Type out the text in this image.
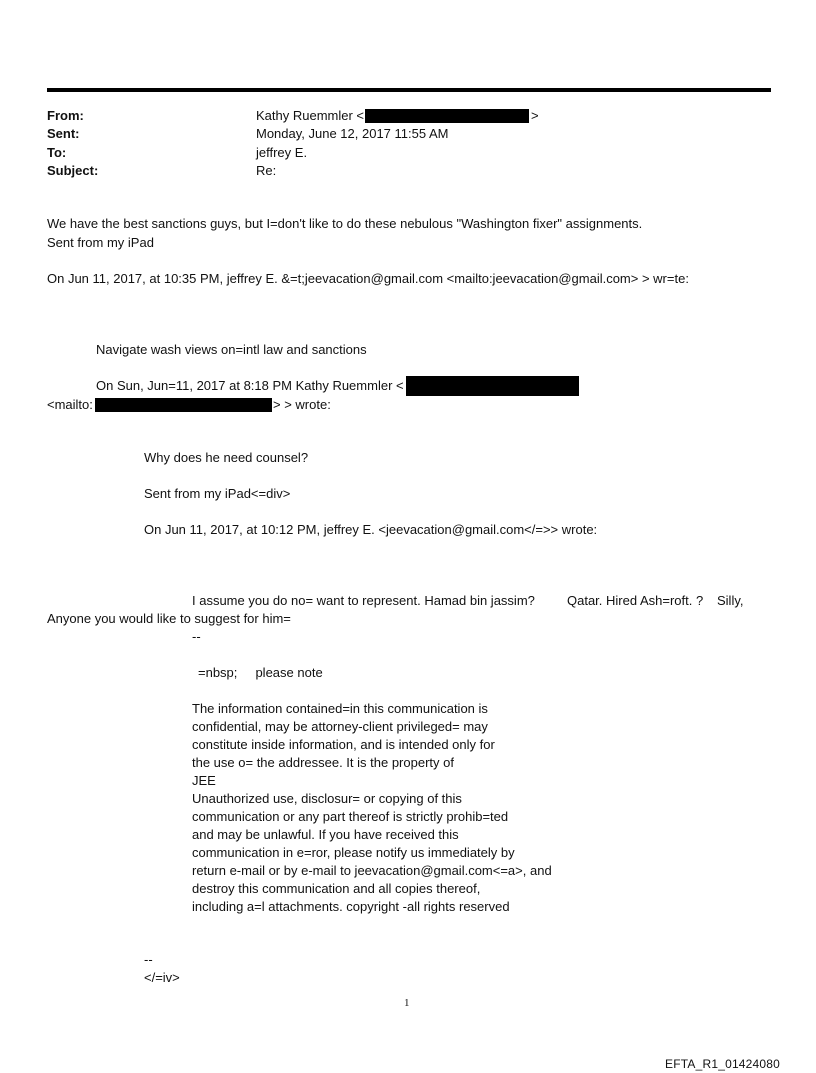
From:
Sent:
To:
Subject:
Kathy Ruemmler <	>
Monday, June 12, 2017 11:55 AM
jeffrey E.
Re:
We have the best sanctions guys, but I=don't like to do these nebulous "Washington fixer" assignments.
Sent from my iPad
On Jun 11, 2017, at 10:35 PM, jeffrey E. &=t;jeevacation@gmail.com <mailto:jeevacation@gmail.com> > wr=te:
Navigate wash views on=intl law and sanctions
On Sun, Jun=11, 2017 at 8:18 PM Kathy Ruemmler <
<mailto:	> > wrote:
Why does he need counsel?
Sent from my iPad<=div>
On Jun 11, 2017, at 10:12 PM, jeffrey E. <jeevacation@gmail.com</=>> wrote:
I assume you do no= want to represent. Hamad bin jassim? Qatar. Hired Ash=roft. ? Silly,
Anyone you would like to suggest for him=
--
=nbsp;     please note
The information contained=in this communication is
confidential, may be attorney-client privileged= may
constitute inside information, and is intended only for
the use o= the addressee. It is the property of
JEE
Unauthorized use, disclosur= or copying of this
communication or any part thereof is strictly prohib=ted
and may be unlawful. If you have received this
communication in e=ror, please notify us immediately by
return e-mail or by e-mail to jeevacation@gmail.com<=a>, and
destroy this communication and all copies thereof,
including a=l attachments. copyright -all rights reserved
--
</=iv>
1
EFTA_R1_01424080
